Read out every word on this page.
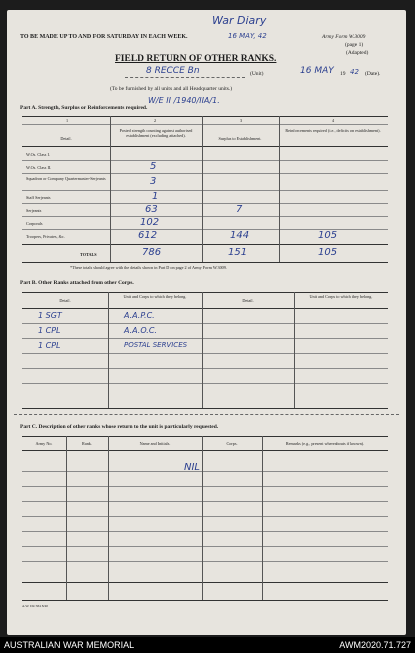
TO BE MADE UP TO AND FOR SATURDAY IN EACH WEEK.
War Diary
16 MAY, 42	Army Form W.3009
(page 1)
(Adapted)
FIELD RETURN OF OTHER RANKS.
8 RECCE Bn	(Unit)	16 MAY 19 42 (Date).
(To be furnished by all units and all Headquarter units.)
Part A. Strength, Surplus or Reinforcements required.
W/E II /1940/IIA/1.
1	2	3	4
Detail.
Posted strength counting against authorised establishment (excluding attached).
Surplus to Establishment.
Reinforcements required (i.e., deficits on establishment).
W.Os. Class I.
W.Os. Class II.	5
Squadron or Company Quartermaster-Serjeants	3
Staff Serjeants	1
Serjeants	63	7
Corporals	102
Troopers, Privates, &c.	612	144	105
TOTALS	786	151	105
*These totals should agree with the details shown in Part D on page 2 of Army Form W.3009.
Part B. Other Ranks attached from other Corps.
Detail.
Unit and Corps to which they belong.
Detail.
Unit and Corps to which they belong.
1 SGT	A.A.P.C.
1 CPL	A.A.O.C.
1 CPL	POSTAL SERVICES
Part C. Description of other ranks whose return to the unit is particularly requested.
Army No.	Rank.	Name and Initials.	Corps.	Remarks (e.g., present whereabouts if known).
NIL
A.W. Dir 584 8/40
AUSTRALIAN WAR MEMORIAL	AWM2020.71.727
